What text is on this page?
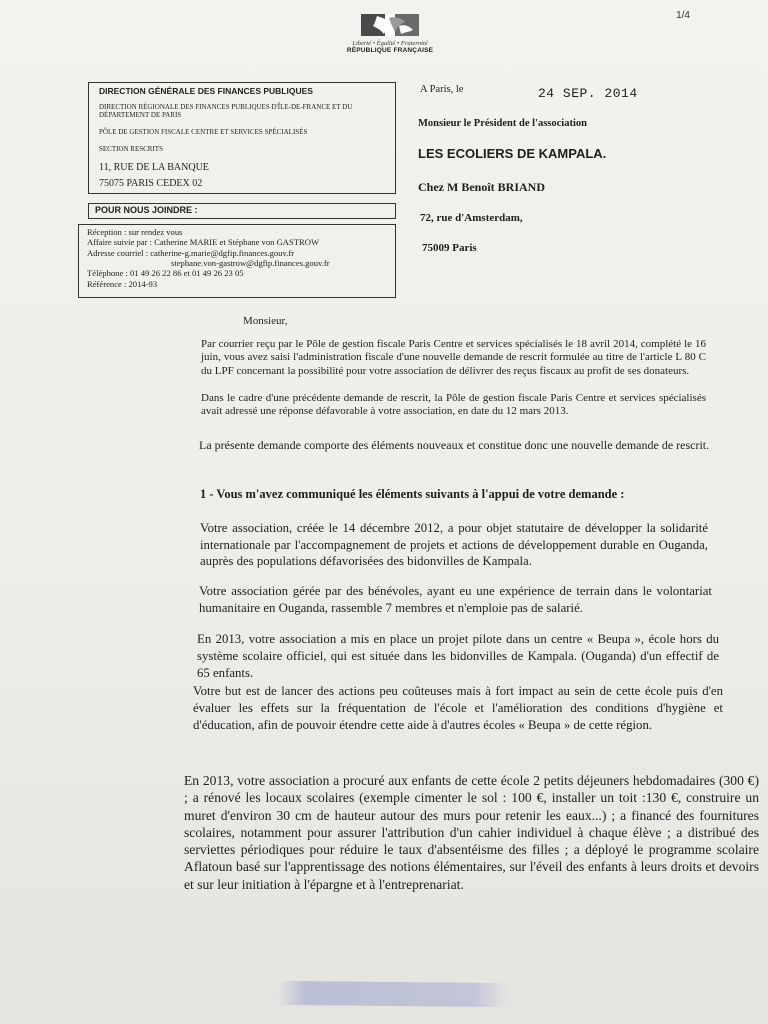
1/4
Liberté • Égalité • Fraternité
RÉPUBLIQUE FRANÇAISE
DIRECTION GÉNÉRALE DES FINANCES PUBLIQUES
DIRECTION RÉGIONALE DES FINANCES PUBLIQUES D'ÎLE-DE-FRANCE ET DU DÉPARTEMENT DE PARIS
PÔLE DE GESTION FISCALE CENTRE ET SERVICES SPÉCIALISÉS
SECTION RESCRITS
11, RUE DE LA BANQUE
75075 PARIS CEDEX 02
POUR NOUS JOINDRE :
Réception : sur rendez vous
Affaire suivie par : Catherine MARIE et Stéphane von GASTROW
Adresse courriel : catherine-g.marie@dgfip.finances.gouv.fr
stephane.von-gastrow@dgfip.finances.gouv.fr
Téléphone : 01 49 26 22 86 et 01 49 26 23 05
Référence : 2014-93
A Paris, le	24 SEP. 2014
Monsieur le Président de l'association
LES ECOLIERS DE KAMPALA.
Chez M Benoît BRIAND
72, rue d'Amsterdam,
75009 Paris
Monsieur,
Par courrier reçu par le Pôle de gestion fiscale Paris Centre et services spécialisés le 18 avril 2014, complété le 16 juin, vous avez saisi l'administration fiscale d'une nouvelle demande de rescrit formulée au titre de l'article L 80 C du LPF concernant la possibilité pour votre association de délivrer des reçus fiscaux au profit de ses donateurs.
Dans le cadre d'une précédente demande de rescrit, la Pôle de gestion fiscale Paris Centre et services spécialisés avait adressé une réponse défavorable à votre association, en date du 12 mars 2013.
La présente demande comporte des éléments nouveaux et constitue donc une nouvelle demande de rescrit.
1 - Vous m'avez communiqué les éléments suivants à l'appui de votre demande :
Votre association, créée le 14 décembre 2012, a pour objet statutaire de développer la solidarité internationale par l'accompagnement de projets et actions de développement durable en Ouganda, auprès des populations défavorisées des bidonvilles de Kampala.
Votre association gérée par des bénévoles, ayant eu une expérience de terrain dans le volontariat humanitaire en Ouganda, rassemble 7 membres et n'emploie pas de salarié.
En 2013, votre association a mis en place un projet pilote dans un centre « Beupa », école hors du système scolaire officiel, qui est située dans les bidonvilles de Kampala. (Ouganda) d'un effectif de 65 enfants.
Votre but est de lancer des actions peu coûteuses mais à fort impact au sein de cette école puis d'en évaluer les effets sur la fréquentation de l'école et l'amélioration des conditions d'hygiène et d'éducation, afin de pouvoir étendre cette aide à d'autres écoles « Beupa » de cette région.
En 2013, votre association a procuré aux enfants de cette école 2 petits déjeuners hebdomadaires (300 €) ; a rénové les locaux scolaires (exemple cimenter le sol : 100 €, installer un toit :130 €, construire un muret d'environ 30 cm de hauteur autour des murs pour retenir les eaux...) ; a financé des fournitures scolaires, notamment pour assurer l'attribution d'un cahier individuel à chaque élève ; a distribué des serviettes périodiques pour réduire le taux d'absentéisme des filles ; a déployé le programme scolaire Aflatoun basé sur l'apprentissage des notions élémentaires, sur l'éveil des enfants à leurs droits et devoirs et sur leur initiation à l'épargne et à l'entreprenariat.
